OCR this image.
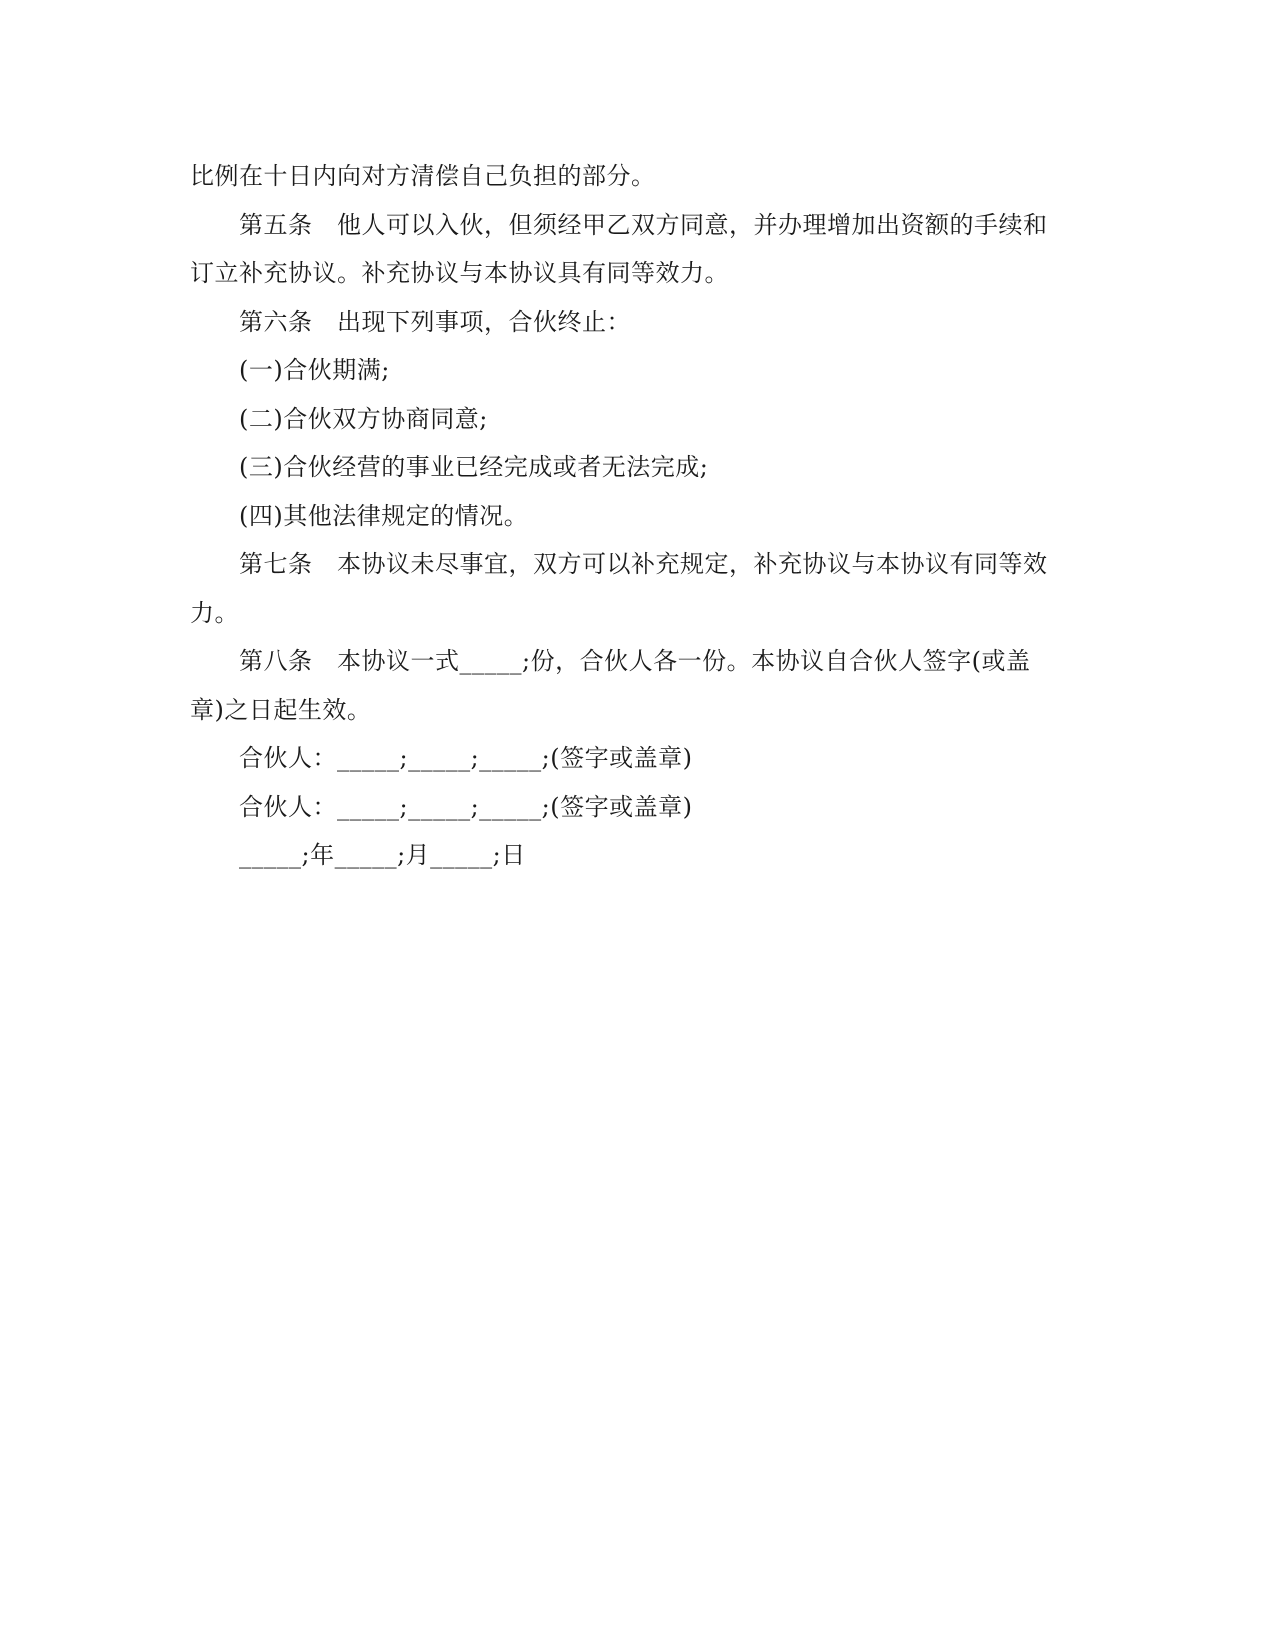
比例在十日内向对方清偿自己负担的部分。
第五条　他人可以入伙，但须经甲乙双方同意，并办理增加出资额的手续和
订立补充协议。补充协议与本协议具有同等效力。
第六条　出现下列事项，合伙终止：
(一)合伙期满;
(二)合伙双方协商同意;
(三)合伙经营的事业已经完成或者无法完成;
(四)其他法律规定的情况。
第七条　本协议未尽事宜，双方可以补充规定，补充协议与本协议有同等效
力。
第八条　本协议一式_____;份，合伙人各一份。本协议自合伙人签字(或盖
章)之日起生效。
合伙人：_____;_____;_____;(签字或盖章)
合伙人：_____;_____;_____;(签字或盖章)
_____;年_____;月_____;日
